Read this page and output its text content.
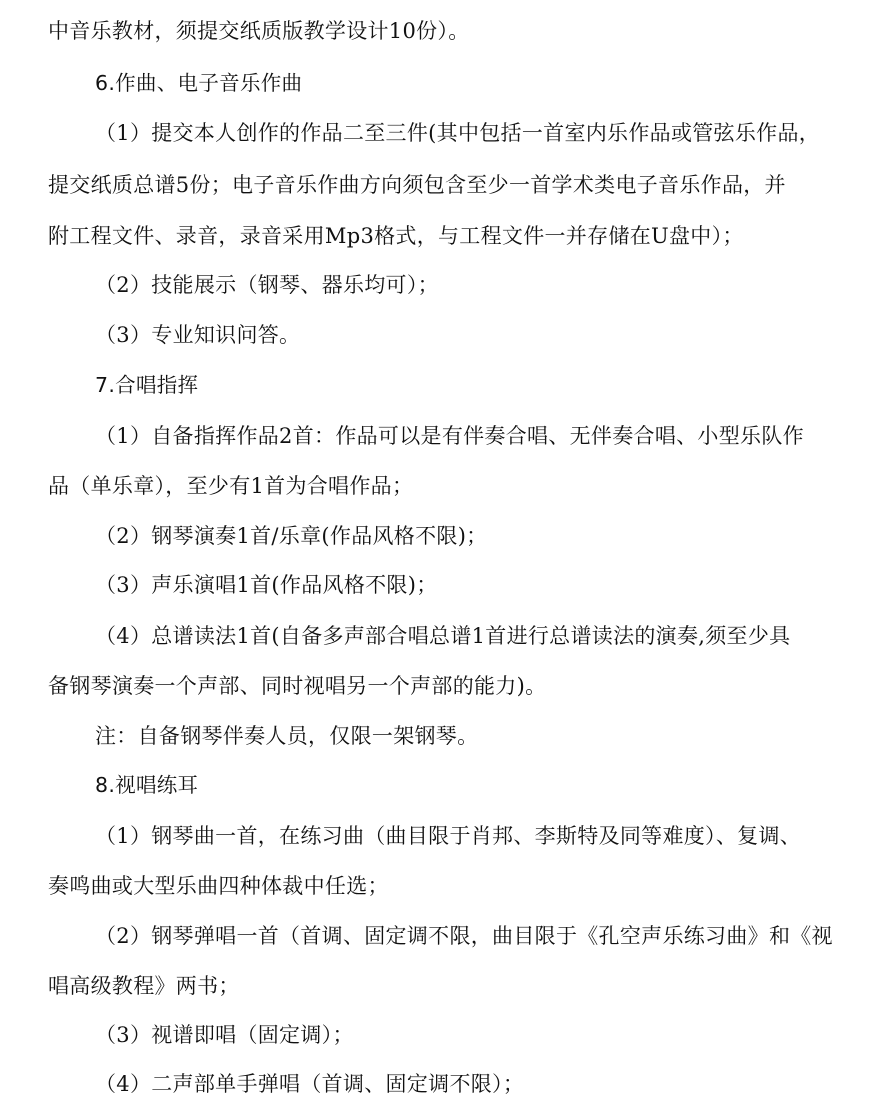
中音乐教材，须提交纸质版教学设计10份）。
6.作曲、电子音乐作曲
（1）提交本人创作的作品二至三件(其中包括一首室内乐作品或管弦乐作品，
提交纸质总谱5份；电子音乐作曲方向须包含至少一首学术类电子音乐作品，并
附工程文件、录音，录音采用Mp3格式，与工程文件一并存储在U盘中）；
（2）技能展示（钢琴、器乐均可）；
（3）专业知识问答。
7.合唱指挥
（1）自备指挥作品2首：作品可以是有伴奏合唱、无伴奏合唱、小型乐队作
品（单乐章），至少有1首为合唱作品；
（2）钢琴演奏1首/乐章(作品风格不限)；
（3）声乐演唱1首(作品风格不限)；
（4）总谱读法1首(自备多声部合唱总谱1首进行总谱读法的演奏,须至少具
备钢琴演奏一个声部、同时视唱另一个声部的能力)。
注：自备钢琴伴奏人员，仅限一架钢琴。
8.视唱练耳
（1）钢琴曲一首，在练习曲（曲目限于肖邦、李斯特及同等难度）、复调、
奏鸣曲或大型乐曲四种体裁中任选；
（2）钢琴弹唱一首（首调、固定调不限，曲目限于《孔空声乐练习曲》和《视
唱高级教程》两书；
（3）视谱即唱（固定调）；
（4）二声部单手弹唱（首调、固定调不限）；
